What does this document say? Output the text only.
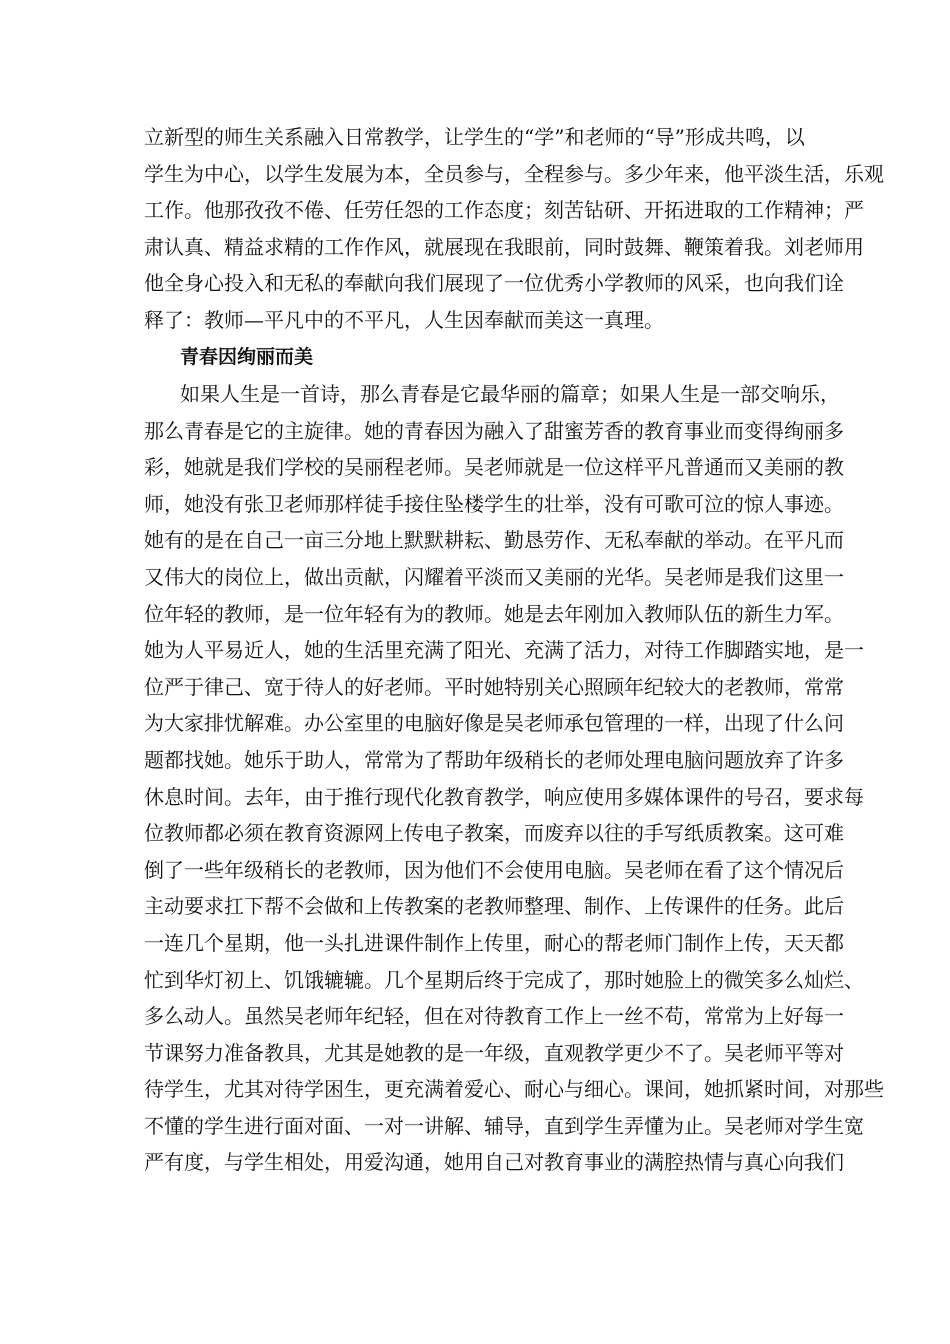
立新型的师生关系融入日常教学，让学生的“学”和老师的“导”形成共鸣，以
学生为中心，以学生发展为本，全员参与，全程参与。多少年来，他平淡生活，乐观
工作。他那孜孜不倦、任劳任怨的工作态度；刻苦钻研、开拓进取的工作精神；严
肃认真、精益求精的工作作风，就展现在我眼前，同时鼓舞、鞭策着我。刘老师用
他全身心投入和无私的奉献向我们展现了一位优秀小学教师的风采，也向我们诠
释了：教师—平凡中的不平凡，人生因奉献而美这一真理。
青春因绚丽而美
如果人生是一首诗，那么青春是它最华丽的篇章；如果人生是一部交响乐，
那么青春是它的主旋律。她的青春因为融入了甜蜜芳香的教育事业而变得绚丽多
彩，她就是我们学校的吴丽程老师。吴老师就是一位这样平凡普通而又美丽的教
师，她没有张卫老师那样徒手接住坠楼学生的壮举，没有可歌可泣的惊人事迹。
她有的是在自己一亩三分地上默默耕耘、勤恳劳作、无私奉献的举动。在平凡而
又伟大的岗位上，做出贡献，闪耀着平淡而又美丽的光华。吴老师是我们这里一
位年轻的教师，是一位年轻有为的教师。她是去年刚加入教师队伍的新生力军。
她为人平易近人，她的生活里充满了阳光、充满了活力，对待工作脚踏实地，是一
位严于律己、宽于待人的好老师。平时她特别关心照顾年纪较大的老教师，常常
为大家排忧解难。办公室里的电脑好像是吴老师承包管理的一样，出现了什么问
题都找她。她乐于助人，常常为了帮助年级稍长的老师处理电脑问题放弃了许多
休息时间。去年，由于推行现代化教育教学，响应使用多媒体课件的号召，要求每
位教师都必须在教育资源网上传电子教案，而废弃以往的手写纸质教案。这可难
倒了一些年级稍长的老教师，因为他们不会使用电脑。吴老师在看了这个情况后
主动要求扛下帮不会做和上传教案的老教师整理、制作、上传课件的任务。此后
一连几个星期，他一头扎进课件制作上传里，耐心的帮老师门制作上传，天天都
忙到华灯初上、饥饿辘辘。几个星期后终于完成了，那时她脸上的微笑多么灿烂、
多么动人。虽然吴老师年纪轻，但在对待教育工作上一丝不苟，常常为上好每一
节课努力准备教具，尤其是她教的是一年级，直观教学更少不了。吴老师平等对
待学生，尤其对待学困生，更充满着爱心、耐心与细心。课间，她抓紧时间，对那些
不懂的学生进行面对面、一对一讲解、辅导，直到学生弄懂为止。吴老师对学生宽
严有度，与学生相处，用爱沟通，她用自己对教育事业的满腔热情与真心向我们
